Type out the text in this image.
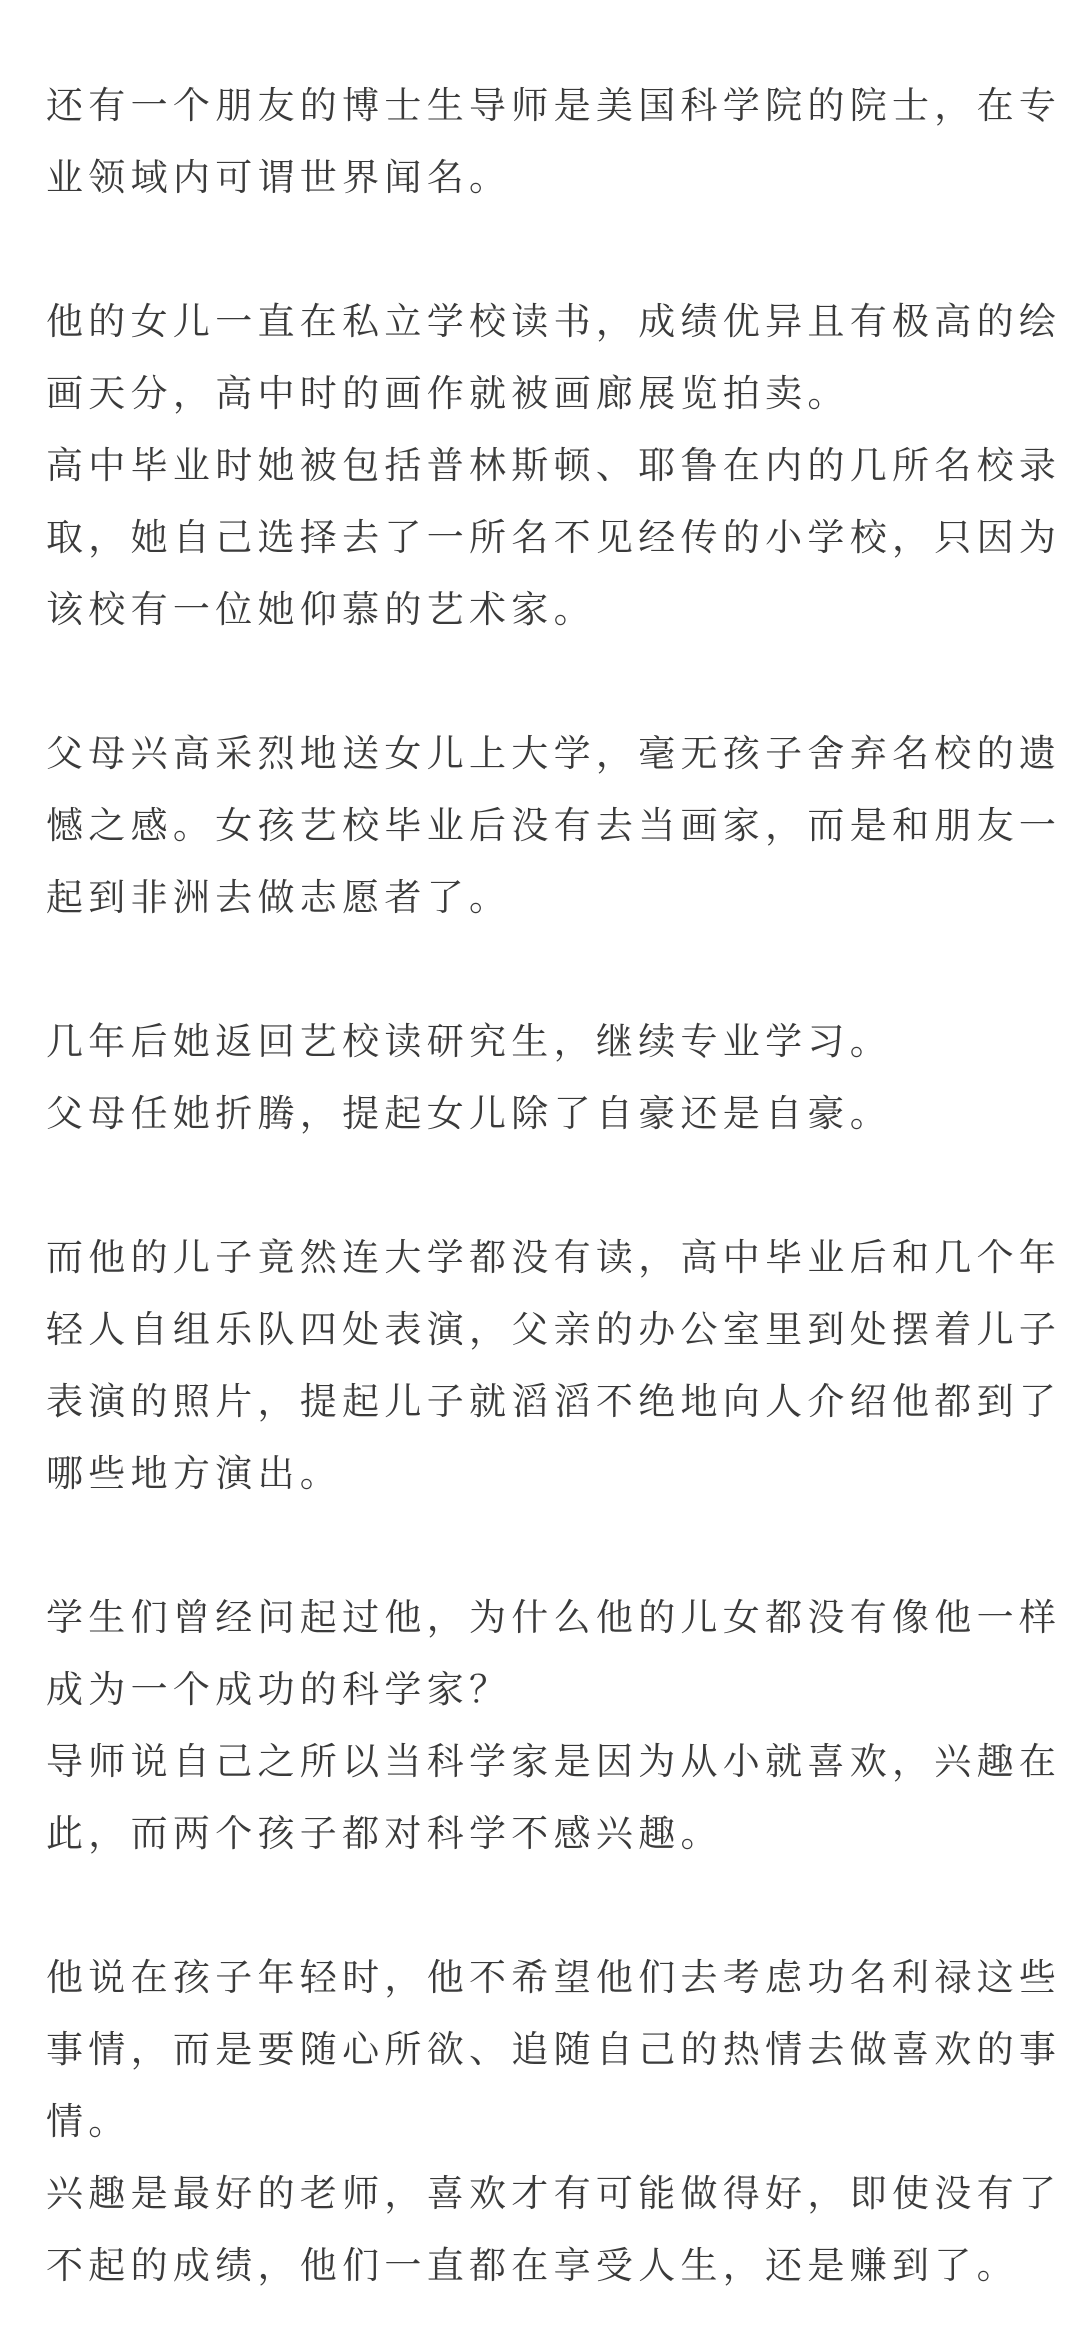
还有一个朋友的博士生导师是美国科学院的院士，在专
业领域内可谓世界闻名。
他的女儿一直在私立学校读书，成绩优异且有极高的绘
画天分，高中时的画作就被画廊展览拍卖。
高中毕业时她被包括普林斯顿、耶鲁在内的几所名校录
取，她自己选择去了一所名不见经传的小学校，只因为
该校有一位她仰慕的艺术家。
父母兴高采烈地送女儿上大学，毫无孩子舍弃名校的遗
憾之感。女孩艺校毕业后没有去当画家，而是和朋友一
起到非洲去做志愿者了。
几年后她返回艺校读研究生，继续专业学习。
父母任她折腾，提起女儿除了自豪还是自豪。
而他的儿子竟然连大学都没有读，高中毕业后和几个年
轻人自组乐队四处表演，父亲的办公室里到处摆着儿子
表演的照片，提起儿子就滔滔不绝地向人介绍他都到了
哪些地方演出。
学生们曾经问起过他，为什么他的儿女都没有像他一样
成为一个成功的科学家？
导师说自己之所以当科学家是因为从小就喜欢，兴趣在
此，而两个孩子都对科学不感兴趣。
他说在孩子年轻时，他不希望他们去考虑功名利禄这些
事情，而是要随心所欲、追随自己的热情去做喜欢的事
情。
兴趣是最好的老师，喜欢才有可能做得好，即使没有了
不起的成绩，他们一直都在享受人生，还是赚到了。
